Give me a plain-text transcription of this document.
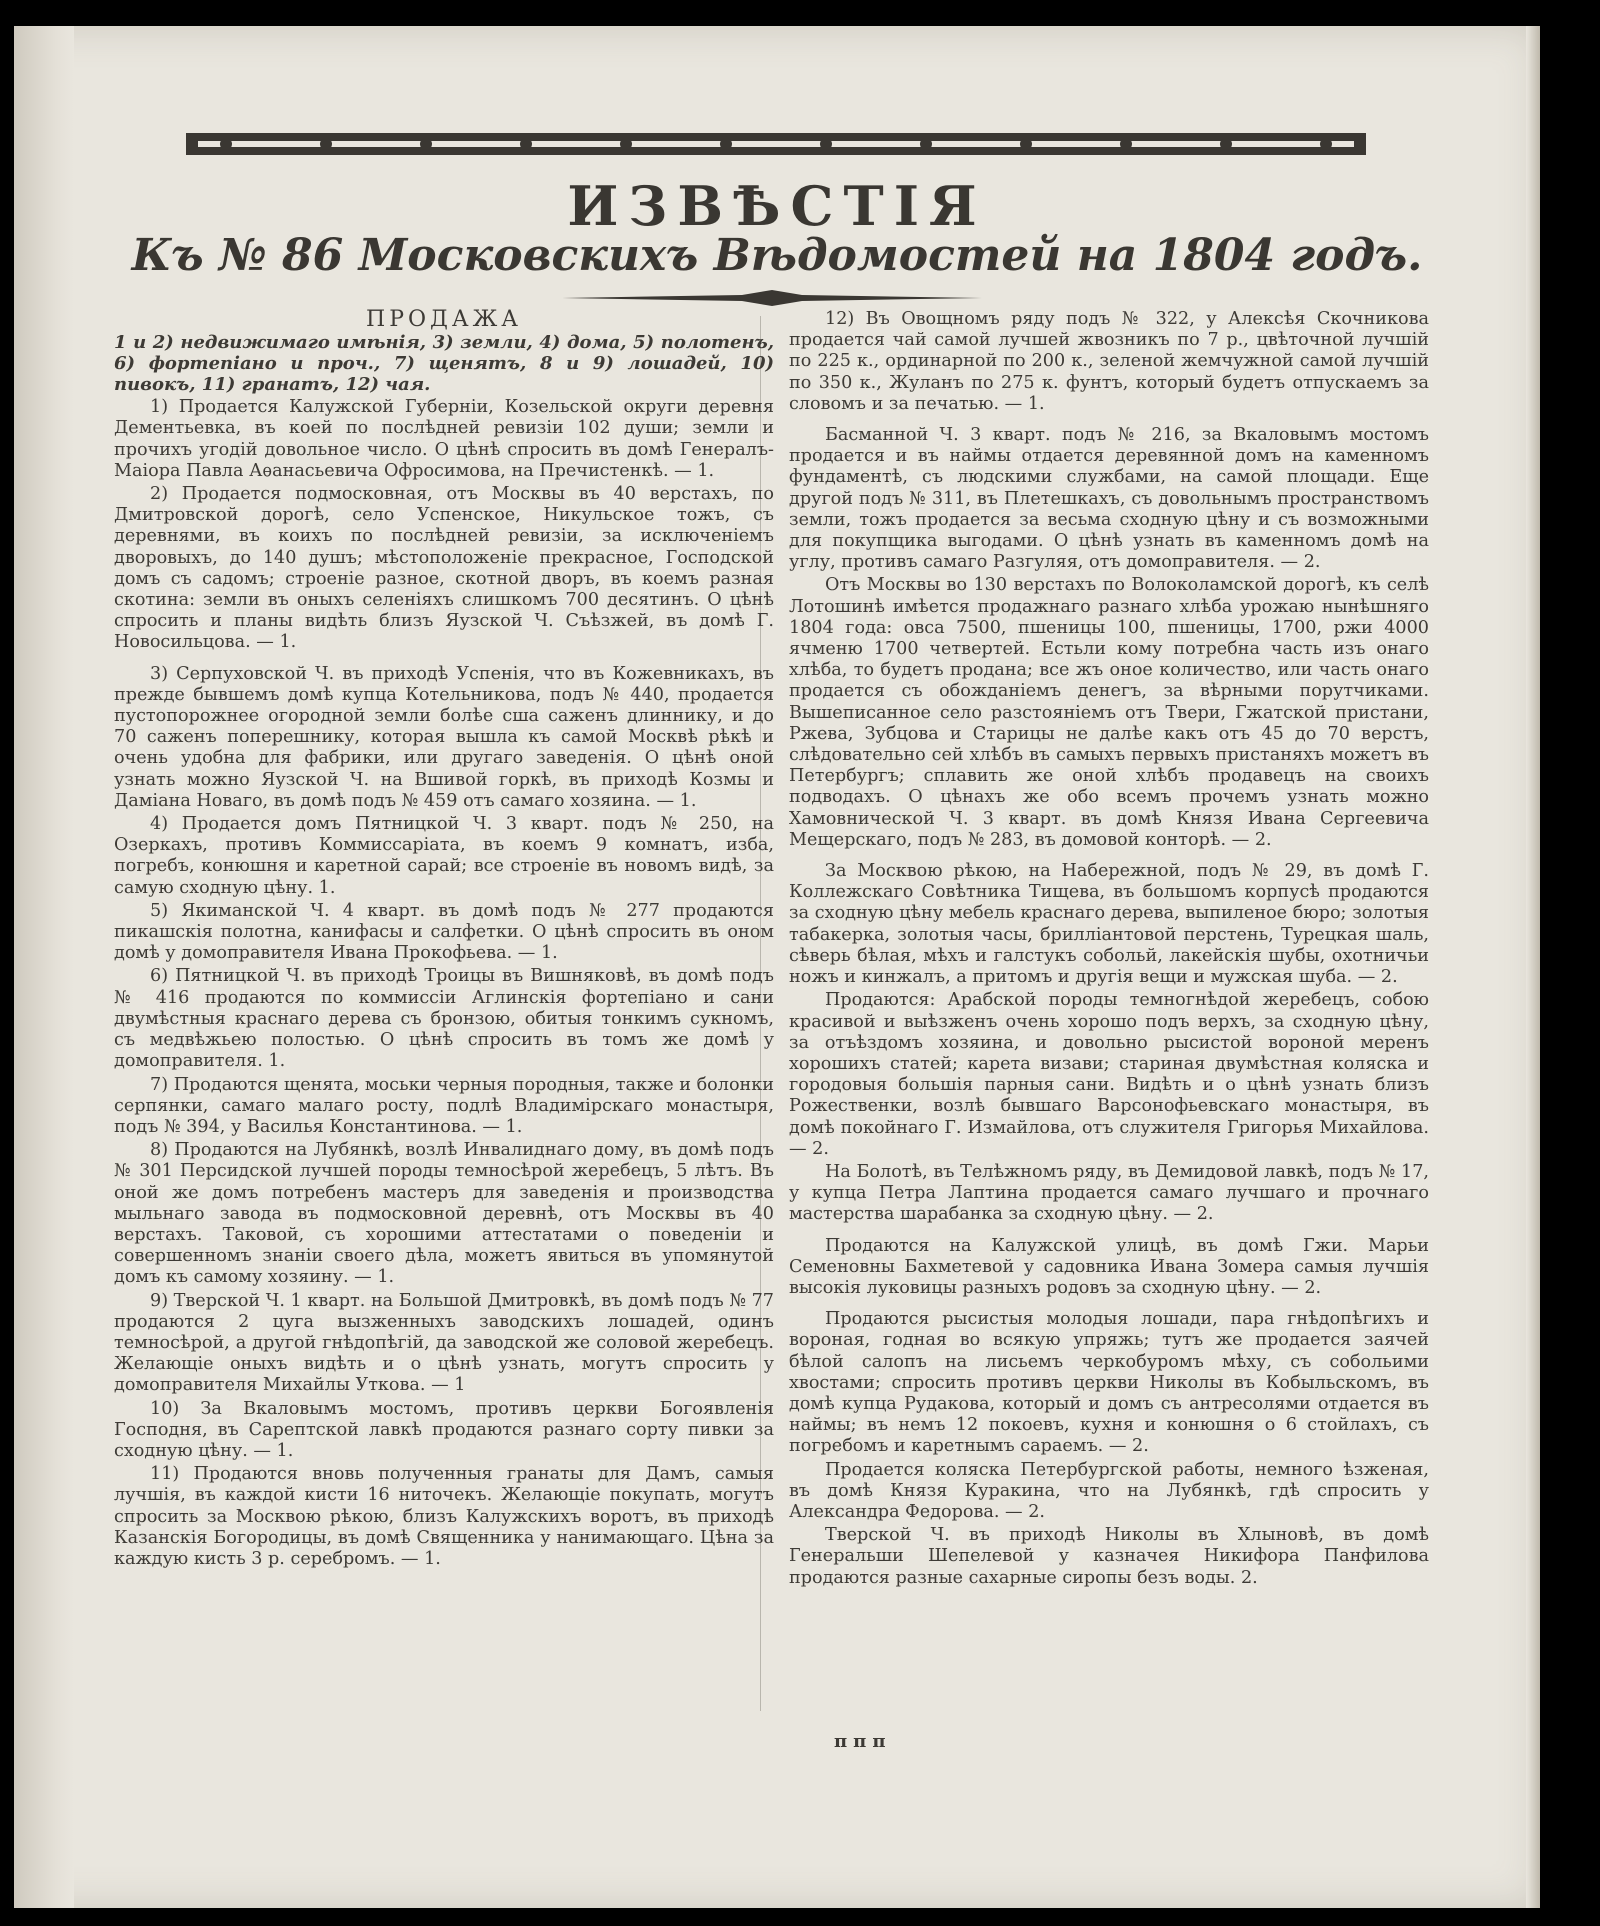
ИЗВѢСТІЯ
Къ № 86 Московскихъ Вѣдомостей на 1804 годъ.
ПРОДАЖА
1 и 2) недвижимаго имѣнія, 3) земли, 4) дома, 5) полотенъ, 6) фортепіано и проч., 7) щенятъ, 8 и 9) лошадей, 10) пивокъ, 11) гранатъ, 12) чая.

1) Продается Калужской Губерніи, Козельской округи деревня Дементьевка, въ коей по послѣдней ревизіи 102 души; земли и прочихъ угодій довольное число. О цѣнѣ спросить въ домѣ Генералъ-Маіора Павла Аѳанасьевича Офросимова, на Пречистенкѣ. — 1.

2) Продается подмосковная, отъ Москвы въ 40 верстахъ, по Дмитровской дорогѣ, село Успенское, Никульское тожъ, съ деревнями, въ коихъ по послѣдней ревизіи, за исключеніемъ дворовыхъ, до 140 душъ; мѣстоположеніе прекрасное, Господской домъ съ садомъ; строеніе разное, скотной дворъ, въ коемъ разная скотина: земли въ оныхъ селеніяхъ слишкомъ 700 десятинъ. О цѣнѣ спросить и планы видѣть близъ Яузской Ч. Съѣзжей, въ домѣ Г. Новосильцова. — 1.

3) Серпуховской Ч. въ приходѣ Успенія, что въ Кожевникахъ, въ прежде бывшемъ домѣ купца Котельникова, подъ № 440, продается пустопорожнее огородной земли болѣе сша саженъ длиннику, и до 70 саженъ поперешнику, которая вышла къ самой Москвѣ рѣкѣ и очень удобна для фабрики, или другаго заведенія. О цѣнѣ оной узнать можно Яузской Ч. на Вшивой горкѣ, въ приходѣ Козмы и Даміана Новаго, въ домѣ подъ № 459 отъ самаго хозяина. — 1.

4) Продается домъ Пятницкой Ч. 3 кварт. подъ № 250, на Озеркахъ, противъ Коммиссаріата, въ коемъ 9 комнатъ, изба, погребъ, конюшня и каретной сарай; все строеніе въ новомъ видѣ, за самую сходную цѣну. 1.

5) Якиманской Ч. 4 кварт. въ домѣ подъ № 277 продаются пикашскія полотна, канифасы и салфетки. О цѣнѣ спросить въ оном домѣ у домоправителя Ивана Прокофьева. — 1.

6) Пятницкой Ч. въ приходѣ Троицы въ Вишняковѣ, въ домѣ подъ № 416 продаются по коммиссіи Аглинскія фортепіано и сани двумѣстныя краснаго дерева съ бронзою, обитыя тонкимъ сукномъ, съ медвѣжьею полостью. О цѣнѣ спросить въ томъ же домѣ у домоправителя. 1.

7) Продаются щенята, моськи черныя породныя, также и болонки серпянки, самаго малаго росту, подлѣ Владимірскаго монастыря, подъ № 394, у Василья Константинова. — 1.

8) Продаются на Лубянкѣ, возлѣ Инвалиднаго дому, въ домѣ подъ № 301 Персидской лучшей породы темносѣрой жеребецъ, 5 лѣтъ. Въ оной же домъ потребенъ мастеръ для заведенія и производства мыльнаго завода въ подмосковной деревнѣ, отъ Москвы въ 40 верстахъ. Таковой, съ хорошими аттестатами о поведеніи и совершенномъ знаніи своего дѣла, можетъ явиться въ упомянутой домъ къ самому хозяину. — 1.

9) Тверской Ч. 1 кварт. на Большой Дмитровкѣ, въ домѣ подъ № 77 продаются 2 цуга вызженныхъ заводскихъ лошадей, одинъ темносѣрой, а другой гнѣдопѣгій, да заводской же соловой жеребецъ. Желающіе оныхъ видѣть и о цѣнѣ узнать, могутъ спросить у домоправителя Михайлы Уткова. — 1

10) За Вкаловымъ мостомъ, противъ церкви Богоявленія Господня, въ Сарептской лавкѣ продаются разнаго сорту пивки за сходную цѣну. — 1.

11) Продаются вновь полученныя гранаты для Дамъ, самыя лучшія, въ каждой кисти 16 ниточекъ. Желающіе покупать, могутъ спросить за Москвою рѣкою, близъ Калужскихъ воротъ, въ приходѣ Казанскія Богородицы, въ домѣ Священника у нанимающаго. Цѣна за каждую кисть 3 р. серебромъ. — 1.

12) Въ Овощномъ ряду подъ № 322, у Алексѣя Скочникова продается чай самой лучшей жвозникъ по 7 р., цвѣточной лучшій по 225 к., ординарной по 200 к., зеленой жемчужной самой лучшій по 350 к., Жуланъ по 275 к. фунтъ, который будетъ отпускаемъ за словомъ и за печатью. — 1.

Басманной Ч. 3 кварт. подъ № 216, за Вкаловымъ мостомъ продается и въ наймы отдается деревянной домъ на каменномъ фундаментѣ, съ людскими службами, на самой площади. Еще другой подъ № 311, въ Плетешкахъ, съ довольнымъ пространствомъ земли, тожъ продается за весьма сходную цѣну и съ возможными для покупщика выгодами. О цѣнѣ узнать въ каменномъ домѣ на углу, противъ самаго Разгуляя, отъ домоправителя. — 2.

Отъ Москвы во 130 верстахъ по Волоколамской дорогѣ, къ селѣ Лотошинѣ имѣется продажнаго разнаго хлѣба урожаю нынѣшняго 1804 года: овса 7500, пшеницы 100, пшеницы, 1700, ржи 4000 ячменю 1700 четвертей. Естьли кому потребна часть изъ онаго хлѣба, то будетъ продана; все жъ оное количество, или часть онаго продается съ обожданіемъ денегъ, за вѣрными порутчиками. Вышеписанное село разстояніемъ отъ Твери, Гжатской пристани, Ржева, Зубцова и Старицы не далѣе какъ отъ 45 до 70 верстъ, слѣдовательно сей хлѣбъ въ самыхъ первыхъ пристаняхъ можетъ въ Петербургъ; сплавить же оной хлѣбъ продавецъ на своихъ подводахъ. О цѣнахъ же обо всемъ прочемъ узнать можно Хамовнической Ч. 3 кварт. въ домѣ Князя Ивана Сергеевича Мещерскаго, подъ № 283, въ домовой конторѣ. — 2.

За Москвою рѣкою, на Набережной, подъ № 29, въ домѣ Г. Коллежскаго Совѣтника Тищева, въ большомъ корпусѣ продаются за сходную цѣну мебель краснаго дерева, выпиленое бюро; золотыя табакерка, золотыя часы, брилліантовой перстень, Турецкая шаль, сѣверь бѣлая, мѣхъ и галстукъ собольй, лакейскія шубы, охотничьи ножъ и кинжалъ, а притомъ и другія вещи и мужская шуба. — 2.

Продаются: Арабской породы темногнѣдой жеребецъ, собою красивой и выѣзженъ очень хорошо подъ верхъ, за сходную цѣну, за отъѣздомъ хозяина, и довольно рысистой вороной меренъ хорошихъ статей; карета визави; стариная двумѣстная коляска и городовыя большія парныя сани. Видѣть и о цѣнѣ узнать близъ Рожественки, возлѣ бывшаго Варсонофьевскаго монастыря, въ домѣ покойнаго Г. Измайлова, отъ служителя Григорья Михайлова. — 2.

На Болотѣ, въ Телѣжномъ ряду, въ Демидовой лавкѣ, подъ № 17, у купца Петра Лаптина продается самаго лучшаго и прочнаго мастерства шарабанка за сходную цѣну. — 2.

Продаются на Калужской улицѣ, въ домѣ Гжи. Марьи Семеновны Бахметевой у садовника Ивана Зомера самыя лучшія высокія луковицы разныхъ родовъ за сходную цѣну. — 2.

Продаются рысистыя молодыя лошади, пара гнѣдопѣгихъ и вороная, годная во всякую упряжь; тутъ же продается заячей бѣлой салопъ на лисьемъ черкобуромъ мѣху, съ собольими хвостами; спросить противъ церкви Николы въ Кобыльскомъ, въ домѣ купца Рудакова, который и домъ съ антресолями отдается въ наймы; въ немъ 12 покоевъ, кухня и конюшня о 6 стойлахъ, съ погребомъ и каретнымъ сараемъ. — 2.

Продается коляска Петербургской работы, немного ѣзженая, въ домѣ Князя Куракина, что на Лубянкѣ, гдѣ спросить у Александра Федорова. — 2.

Тверской Ч. въ приходѣ Николы въ Хлыновѣ, въ домѣ Генеральши Шепелевой у казначея Никифора Панфилова продаются разные сахарные сиропы безъ воды. 2.

ппп
